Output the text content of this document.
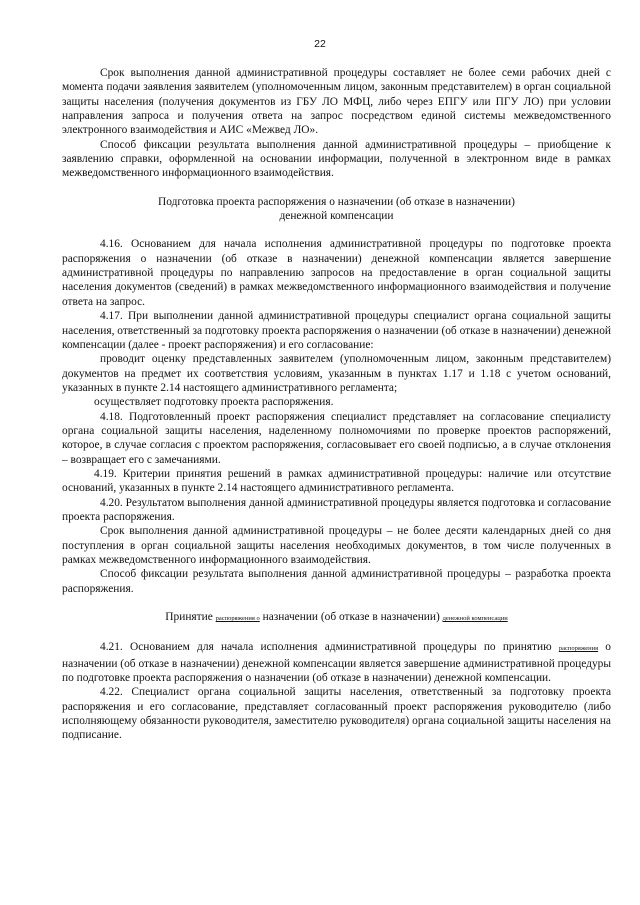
22

Срок выполнения данной административной процедуры составляет не более семи рабочих дней с момента подачи заявления заявителем (уполномоченным лицом, законным представителем) в орган социальной защиты населения (получения документов из ГБУ ЛО МФЦ, либо через ЕПГУ или ПГУ ЛО) при условии направления запроса и получения ответа на запрос посредством единой системы межведомственного электронного взаимодействия и АИС «Межвед ЛО».

Способ фиксации результата выполнения данной административной процедуры – приобщение к заявлению справки, оформленной на основании информации, полученной в электронном виде в рамках межведомственного информационного взаимодействия.

Подготовка проекта распоряжения о назначении (об отказе в назначении)
денежной компенсации

4.16. Основанием для начала исполнения административной процедуры по подготовке проекта распоряжения о назначении (об отказе в назначении) денежной компенсации является завершение административной процедуры по направлению запросов на предоставление в орган социальной защиты населения документов (сведений) в рамках межведомственного информационного взаимодействия и получение ответа на запрос.

4.17. При выполнении данной административной процедуры специалист органа социальной защиты населения, ответственный за подготовку проекта распоряжения о назначении (об отказе в назначении) денежной компенсации (далее - проект распоряжения) и его согласование:

проводит оценку представленных заявителем (уполномоченным лицом, законным представителем) документов на предмет их соответствия условиям, указанным в пунктах 1.17 и 1.18 с учетом оснований, указанных в пункте 2.14 настоящего административного регламента;

осуществляет подготовку проекта распоряжения.

4.18. Подготовленный проект распоряжения специалист представляет на согласование специалисту органа социальной защиты населения, наделенному полномочиями по проверке проектов распоряжений, которое, в случае согласия с проектом распоряжения, согласовывает его своей подписью, а в случае отклонения – возвращает его с замечаниями.

4.19. Критерии принятия решений в рамках административной процедуры: наличие или отсутствие оснований, указанных в пункте 2.14 настоящего административного регламента.

4.20. Результатом выполнения данной административной процедуры является подготовка и согласование проекта распоряжения.

Срок выполнения данной административной процедуры – не более десяти календарных дней со дня поступления в орган социальной защиты населения необходимых документов, в том числе полученных в рамках межведомственного информационного взаимодействия.

Способ фиксации результата выполнения данной административной процедуры – разработка проекта распоряжения.

Принятие распоряжения о назначении (об отказе в назначении) денежной компенсации

4.21. Основанием для начала исполнения административной процедуры по принятию распоряжения о назначении (об отказе в назначении) денежной компенсации является завершение административной процедуры по подготовке проекта распоряжения о назначении (об отказе в назначении) денежной компенсации.

4.22. Специалист органа социальной защиты населения, ответственный за подготовку проекта распоряжения и его согласование, представляет согласованный проект распоряжения руководителю (либо исполняющему обязанности руководителя, заместителю руководителя) органа социальной защиты населения на подписание.
